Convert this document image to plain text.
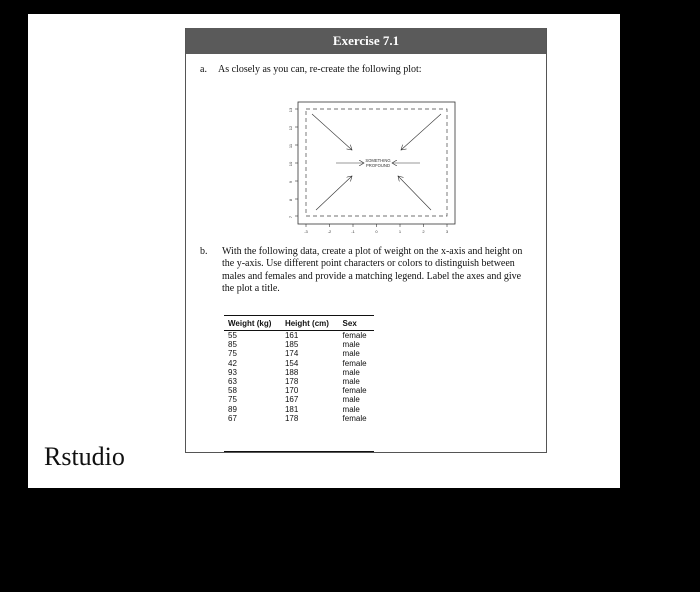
Exercise 7.1
a. As closely as you can, re-create the following plot:
7
8
9
10
11
12
13
-3	-2	-1	0	1	2	3
SOMETHING
PROFOUND
b. With the following data, create a plot of weight on the x-axis and height on the y-axis. Use different point characters or colors to distinguish between males and females and provide a matching legend. Label the axes and give the plot a title.
Weight (kg)	Height (cm)	Sex
55	161	female
85	185	male
75	174	male
42	154	female
93	188	male
63	178	male
58	170	female
75	167	male
89	181	male
67	178	female
Rstudio
